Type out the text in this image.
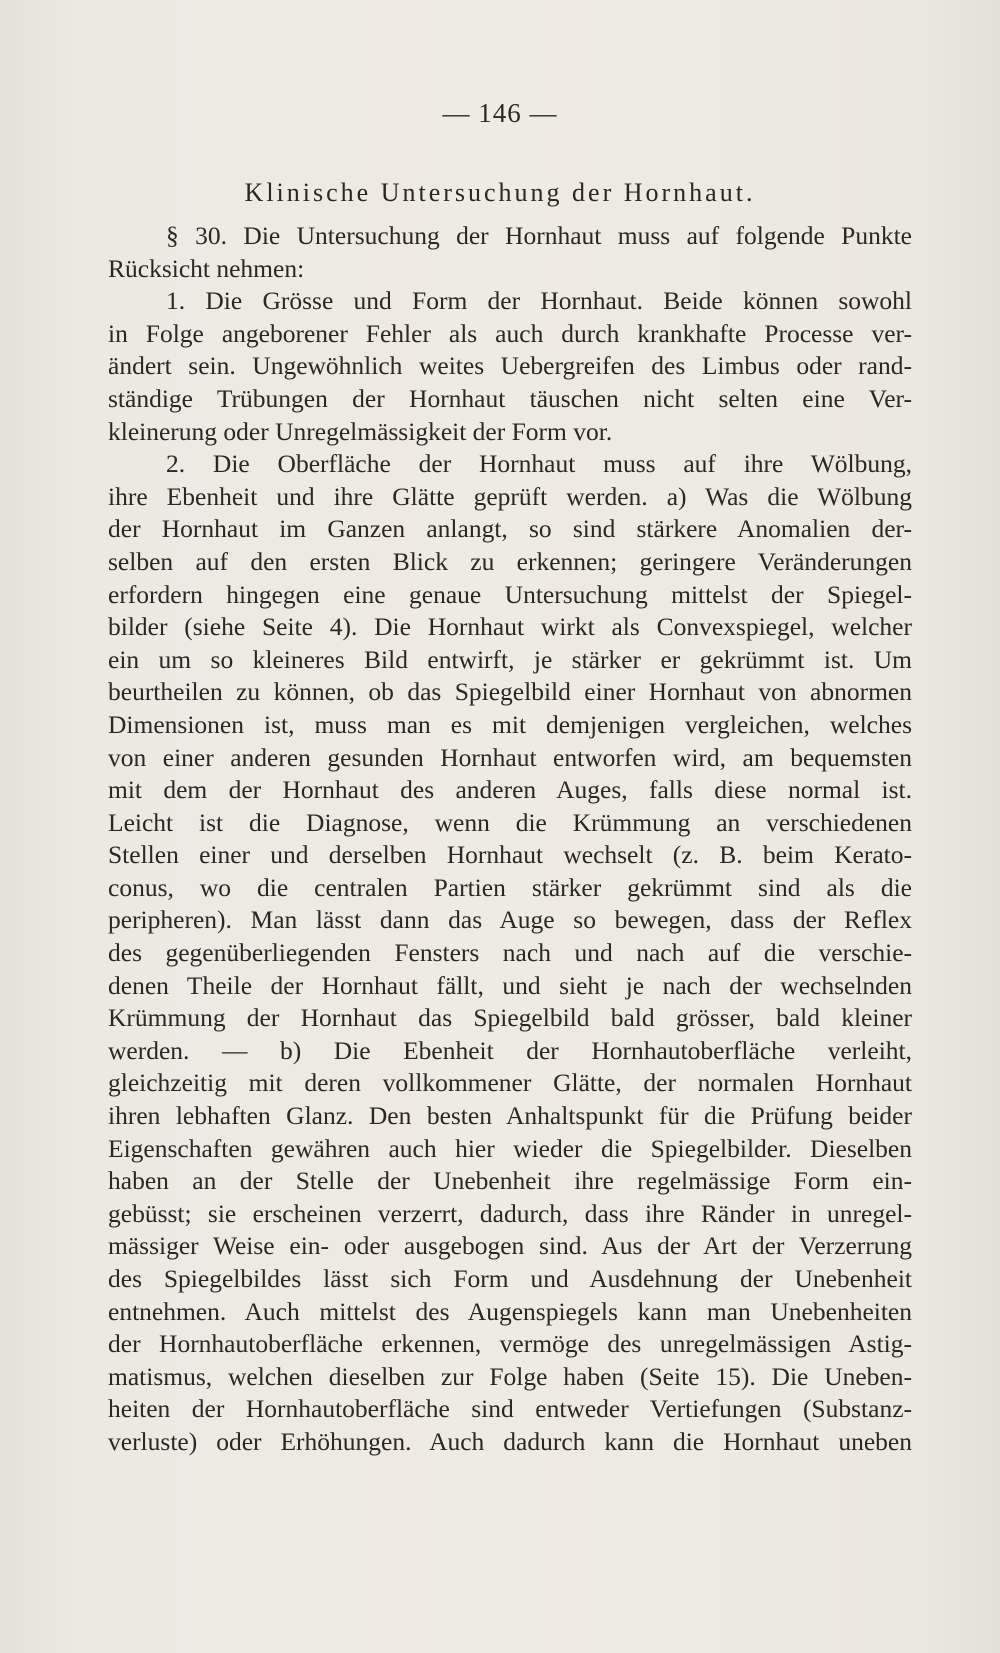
— 146 —
Klinische Untersuchung der Hornhaut.
§ 30. Die Untersuchung der Hornhaut muss auf folgende Punkte
Rücksicht nehmen:
1. Die Grösse und Form der Hornhaut. Beide können sowohl
in Folge angeborener Fehler als auch durch krankhafte Processe ver-
ändert sein. Ungewöhnlich weites Uebergreifen des Limbus oder rand-
ständige Trübungen der Hornhaut täuschen nicht selten eine Ver-
kleinerung oder Unregelmässigkeit der Form vor.
2. Die Oberfläche der Hornhaut muss auf ihre Wölbung,
ihre Ebenheit und ihre Glätte geprüft werden. a) Was die Wölbung
der Hornhaut im Ganzen anlangt, so sind stärkere Anomalien der-
selben auf den ersten Blick zu erkennen; geringere Veränderungen
erfordern hingegen eine genaue Untersuchung mittelst der Spiegel-
bilder (siehe Seite 4). Die Hornhaut wirkt als Convexspiegel, welcher
ein um so kleineres Bild entwirft, je stärker er gekrümmt ist. Um
beurtheilen zu können, ob das Spiegelbild einer Hornhaut von abnormen
Dimensionen ist, muss man es mit demjenigen vergleichen, welches
von einer anderen gesunden Hornhaut entworfen wird, am bequemsten
mit dem der Hornhaut des anderen Auges, falls diese normal ist.
Leicht ist die Diagnose, wenn die Krümmung an verschiedenen
Stellen einer und derselben Hornhaut wechselt (z. B. beim Kerato-
conus, wo die centralen Partien stärker gekrümmt sind als die
peripheren). Man lässt dann das Auge so bewegen, dass der Reflex
des gegenüberliegenden Fensters nach und nach auf die verschie-
denen Theile der Hornhaut fällt, und sieht je nach der wechselnden
Krümmung der Hornhaut das Spiegelbild bald grösser, bald kleiner
werden. — b) Die Ebenheit der Hornhautoberfläche verleiht,
gleichzeitig mit deren vollkommener Glätte, der normalen Hornhaut
ihren lebhaften Glanz. Den besten Anhaltspunkt für die Prüfung beider
Eigenschaften gewähren auch hier wieder die Spiegelbilder. Dieselben
haben an der Stelle der Unebenheit ihre regelmässige Form ein-
gebüsst; sie erscheinen verzerrt, dadurch, dass ihre Ränder in unregel-
mässiger Weise ein- oder ausgebogen sind. Aus der Art der Verzerrung
des Spiegelbildes lässt sich Form und Ausdehnung der Unebenheit
entnehmen. Auch mittelst des Augenspiegels kann man Unebenheiten
der Hornhautoberfläche erkennen, vermöge des unregelmässigen Astig-
matismus, welchen dieselben zur Folge haben (Seite 15). Die Uneben-
heiten der Hornhautoberfläche sind entweder Vertiefungen (Substanz-
verluste) oder Erhöhungen. Auch dadurch kann die Hornhaut uneben
